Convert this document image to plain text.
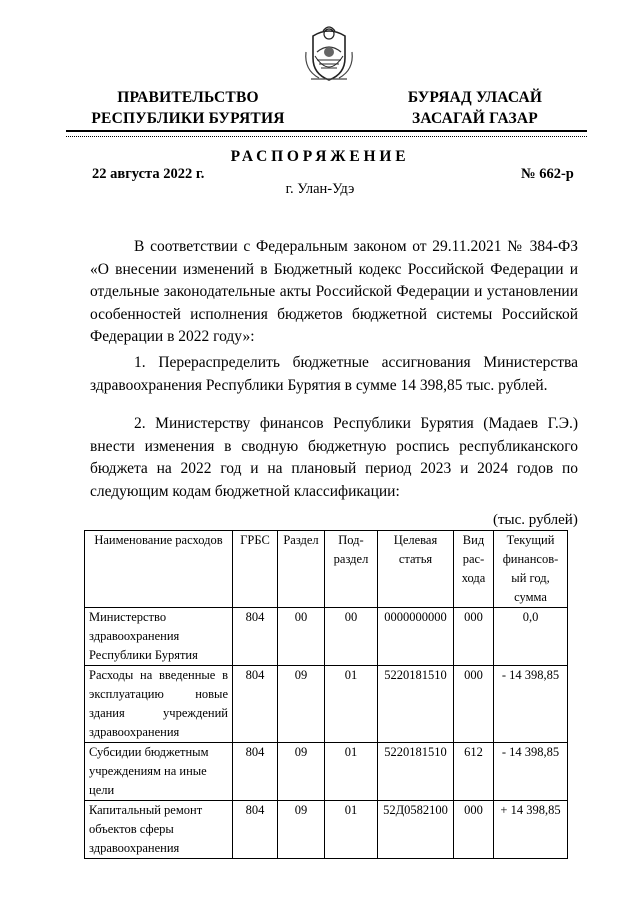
ПРАВИТЕЛЬСТВО
РЕСПУБЛИКИ БУРЯТИЯ
БУРЯАД УЛАСАЙ
ЗАСАГАЙ ГАЗАР
РАСПОРЯЖЕНИЕ
22 августа 2022 г.	№ 662-р
г. Улан-Удэ
В соответствии с Федеральным законом от 29.11.2021 № 384-ФЗ «О внесении изменений в Бюджетный кодекс Российской Федерации и отдельные законодательные акты Российской Федерации и установлении особенностей исполнения бюджетов бюджетной системы Российской Федерации в 2022 году»:
1. Перераспределить бюджетные ассигнования Министерства здравоохранения Республики Бурятия в сумме 14 398,85 тыс. рублей.
2. Министерству финансов Республики Бурятия (Мадаев Г.Э.) внести изменения в сводную бюджетную роспись республиканского бюджета на 2022 год и на плановый период 2023 и 2024 годов по следующим кодам бюджетной классификации:
(тыс. рублей)
Наименование расходов	ГРБС	Раздел	Под-раздел	Целевая статья	Вид рас-хода	Текущий финансов-ый год, сумма
Министерство здравоохранения Республики Бурятия	804	00	00	0000000000	000	0,0
Расходы на введенные в эксплуатацию новые здания учреждений здравоохранения	804	09	01	5220181510	000	- 14 398,85
Субсидии бюджетным учреждениям на иные цели	804	09	01	5220181510	612	- 14 398,85
Капитальный ремонт объектов сферы здравоохранения	804	09	01	52Д0582100	000	+ 14 398,85
